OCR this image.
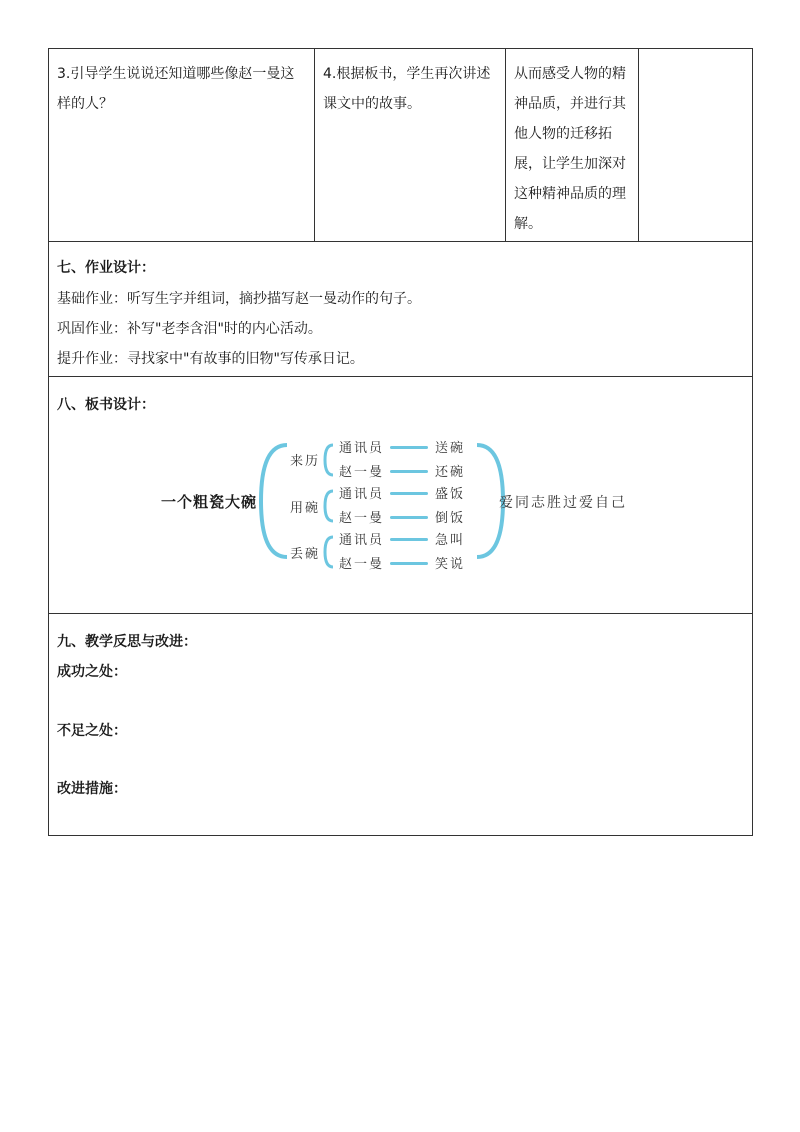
3.引导学生说说还知道哪些像赵一曼这样的人？
4.根据板书，学生再次讲述课文中的故事。
从而感受人物的精神品质，并进行其他人物的迁移拓展，让学生加深对这种精神品质的理解。
七、作业设计：
基础作业：听写生字并组词，摘抄描写赵一曼动作的句子。
巩固作业：补写"老李含泪"时的内心活动。
提升作业：寻找家中"有故事的旧物"写传承日记。
八、板书设计：
一个粗瓷大碗
来历
用碗
丢碗
通讯员	送碗
赵一曼	还碗
通讯员	盛饭
赵一曼	倒饭
通讯员	急叫
赵一曼	笑说
爱同志胜过爱自己
九、教学反思与改进：
成功之处：
不足之处：
改进措施：
